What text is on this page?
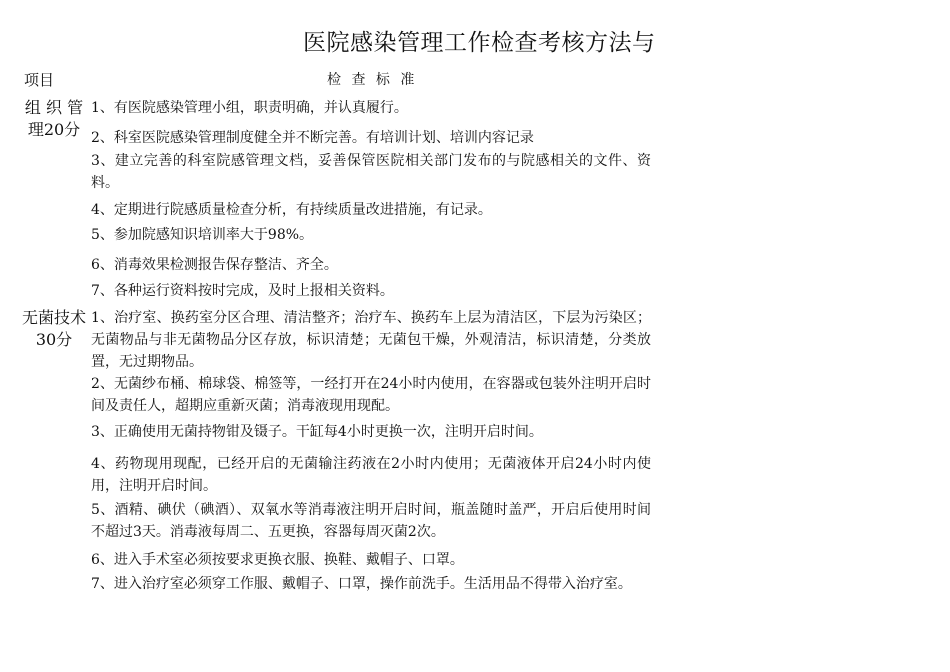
医院感染管理工作检查考核方法与
项目	检 查 标 准
组 织 管理20分
1、有医院感染管理小组，职责明确，并认真履行。
2、科室医院感染管理制度健全并不断完善。有培训计划、培训内容记录
3、建立完善的科室院感管理文档，妥善保管医院相关部门发布的与院感相关的文件、资料。
4、定期进行院感质量检查分析，有持续质量改进措施，有记录。
5、参加院感知识培训率大于98%。
6、消毒效果检测报告保存整洁、齐全。
7、各种运行资料按时完成，及时上报相关资料。
无菌技术30分
1、治疗室、换药室分区合理、清洁整齐；治疗车、换药车上层为清洁区，下层为污染区；无菌物品与非无菌物品分区存放，标识清楚；无菌包干燥，外观清洁，标识清楚，分类放置，无过期物品。
2、无菌纱布桶、棉球袋、棉签等，一经打开在24小时内使用，在容器或包装外注明开启时间及责任人，超期应重新灭菌；消毒液现用现配。
3、正确使用无菌持物钳及镊子。干缸每4小时更换一次，注明开启时间。
4、药物现用现配，已经开启的无菌输注药液在2小时内使用；无菌液体开启24小时内使用，注明开启时间。
5、酒精、碘伏（碘酒）、双氧水等消毒液注明开启时间，瓶盖随时盖严，开启后使用时间不超过3天。消毒液每周二、五更换，容器每周灭菌2次。
6、进入手术室必须按要求更换衣服、换鞋、戴帽子、口罩。
7、进入治疗室必须穿工作服、戴帽子、口罩，操作前洗手。生活用品不得带入治疗室。
